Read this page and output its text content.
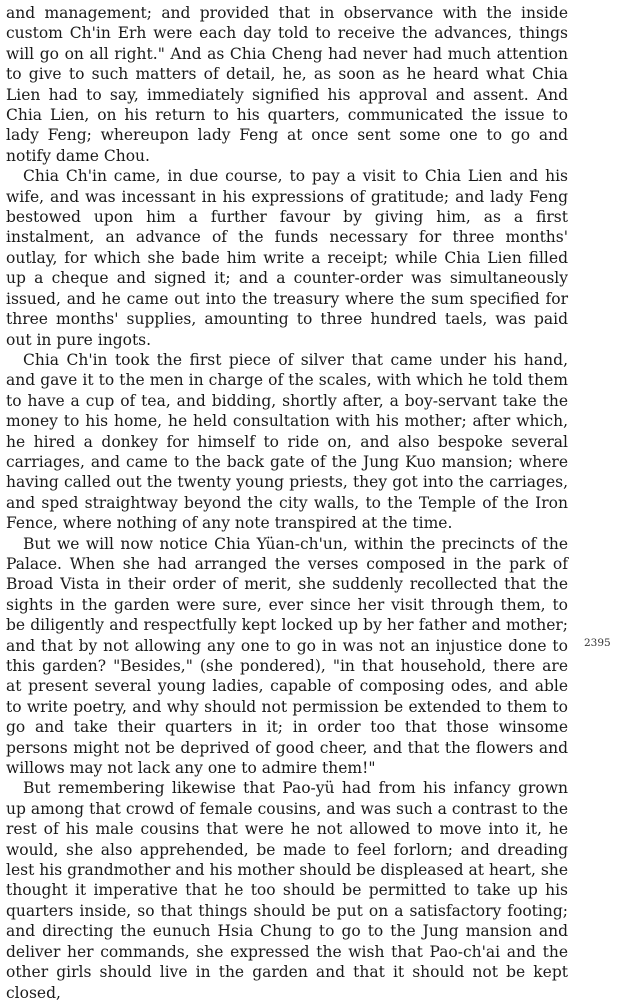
and management; and provided that in observance with the inside custom Ch'in Erh were each day told to receive the advances, things will go on all right." And as Chia Cheng had never had much attention to give to such matters of detail, he, as soon as he heard what Chia Lien had to say, immediately signified his approval and assent. And Chia Lien, on his return to his quarters, communicated the issue to lady Feng; whereupon lady Feng at once sent some one to go and notify dame Chou.

Chia Ch'in came, in due course, to pay a visit to Chia Lien and his wife, and was incessant in his expressions of gratitude; and lady Feng bestowed upon him a further favour by giving him, as a first instalment, an advance of the funds necessary for three months' outlay, for which she bade him write a receipt; while Chia Lien filled up a cheque and signed it; and a counter-order was simultaneously issued, and he came out into the treasury where the sum specified for three months' supplies, amounting to three hundred taels, was paid out in pure ingots.

Chia Ch'in took the first piece of silver that came under his hand, and gave it to the men in charge of the scales, with which he told them to have a cup of tea, and bidding, shortly after, a boy-servant take the money to his home, he held consultation with his mother; after which, he hired a donkey for himself to ride on, and also bespoke several carriages, and came to the back gate of the Jung Kuo mansion; where having called out the twenty young priests, they got into the carriages, and sped straightway beyond the city walls, to the Temple of the Iron Fence, where nothing of any note transpired at the time.

But we will now notice Chia Yüan-ch'un, within the precincts of the Palace. When she had arranged the verses composed in the park of Broad Vista in their order of merit, she suddenly recollected that the sights in the garden were sure, ever since her visit through them, to be diligently and respectfully kept locked up by her father and mother; and that by not allowing any one to go in was not an injustice done to this garden? "Besides," (she pondered), "in that household, there are at present several young ladies, capable of composing odes, and able to write poetry, and why should not permission be extended to them to go and take their quarters in it; in order too that those winsome persons might not be deprived of good cheer, and that the flowers and willows may not lack any one to admire them!"

But remembering likewise that Pao-yü had from his infancy grown up among that crowd of female cousins, and was such a contrast to the rest of his male cousins that were he not allowed to move into it, he would, she also apprehended, be made to feel forlorn; and dreading lest his grandmother and his mother should be displeased at heart, she thought it imperative that he too should be permitted to take up his quarters inside, so that things should be put on a satisfactory footing; and directing the eunuch Hsia Chung to go to the Jung mansion and deliver her commands, she expressed the wish that Pao-ch'ai and the other girls should live in the garden and that it should not be kept closed,

2395
